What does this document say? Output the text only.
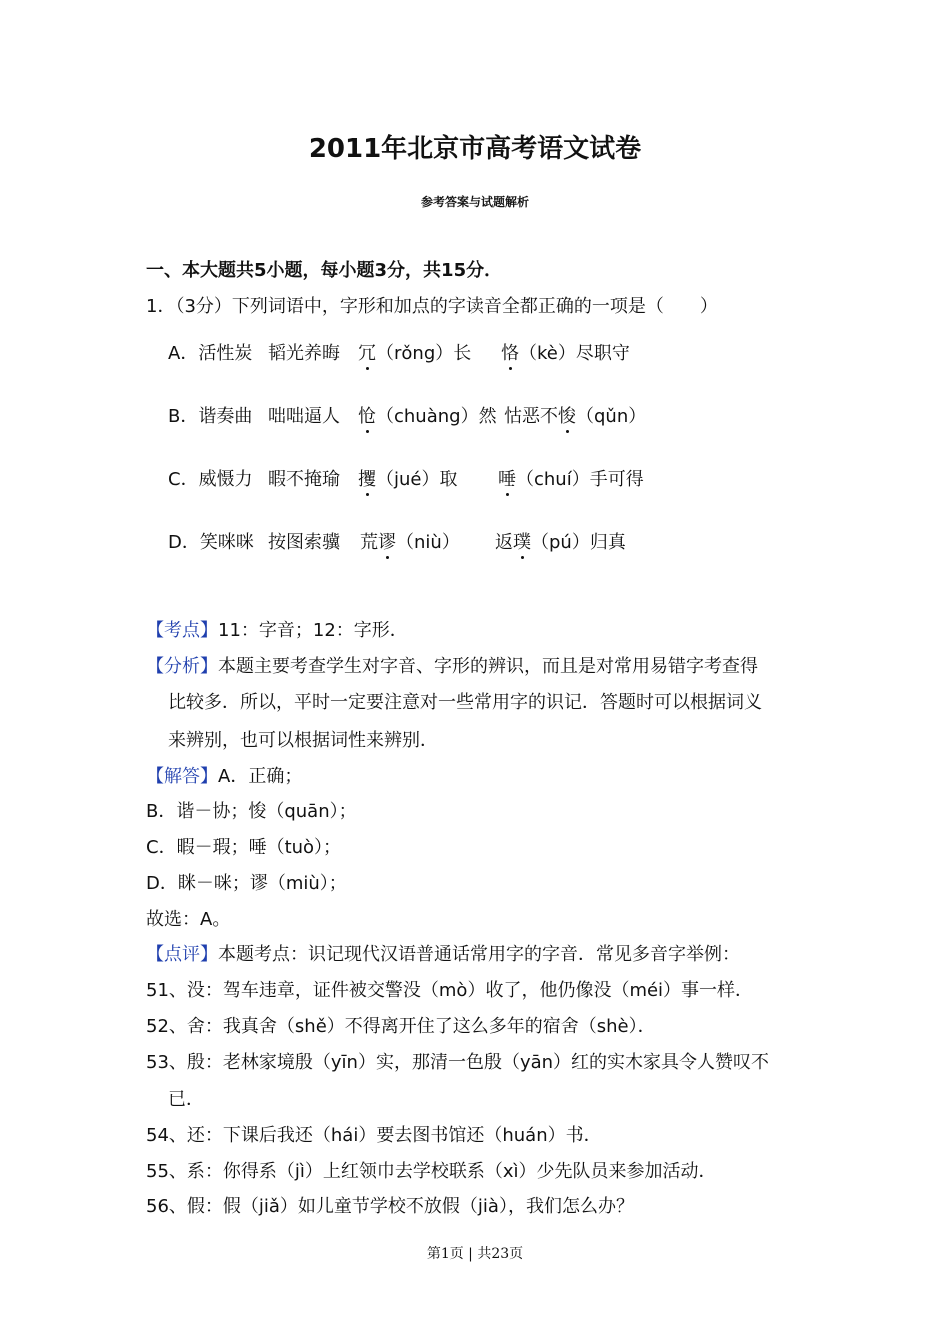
2011年北京市高考语文试卷
参考答案与试题解析
一、本大题共5小题，每小题3分，共15分．
1．（3分）下列词语中，字形和加点的字读音全都正确的一项是（　　）

A．活性炭

韬光养晦

冗（rǒng）长

恪（kè）尽职守

B．谐奏曲

咄咄逼人

怆（chuàng）然

怙恶不悛（qǔn）

C．威慑力

暇不掩瑜

攫（jué）取

唾（chuí）手可得

D．笑咪咪

按图索骥

荒谬（niù）

返璞（pú）归真

【考点】11：字音；12：字形．
【分析】本题主要考查学生对字音、字形的辨识，而且是对常用易错字考查得
比较多．所以，平时一定要注意对一些常用字的识记．答题时可以根据词义
来辨别，也可以根据词性来辨别．
【解答】A．正确；
B．谐－协；悛（quān）；
C．暇－瑕；唾（tuò）；
D．眯－咪；谬（miù）；
故选：A。
【点评】本题考点：识记现代汉语普通话常用字的字音．常见多音字举例：
51、没：驾车违章，证件被交警没（mò）收了，他仍像没（méi）事一样．
52、舍：我真舍（shě）不得离开住了这么多年的宿舍（shè）．
53、殷：老林家境殷（yīn）实，那清一色殷（yān）红的实木家具令人赞叹不
已．
54、还：下课后我还（hái）要去图书馆还（huán）书．
55、系：你得系（jì）上红领巾去学校联系（xì）少先队员来参加活动．
56、假：假（jiǎ）如儿童节学校不放假（jià），我们怎么办？
第1页 | 共23页
